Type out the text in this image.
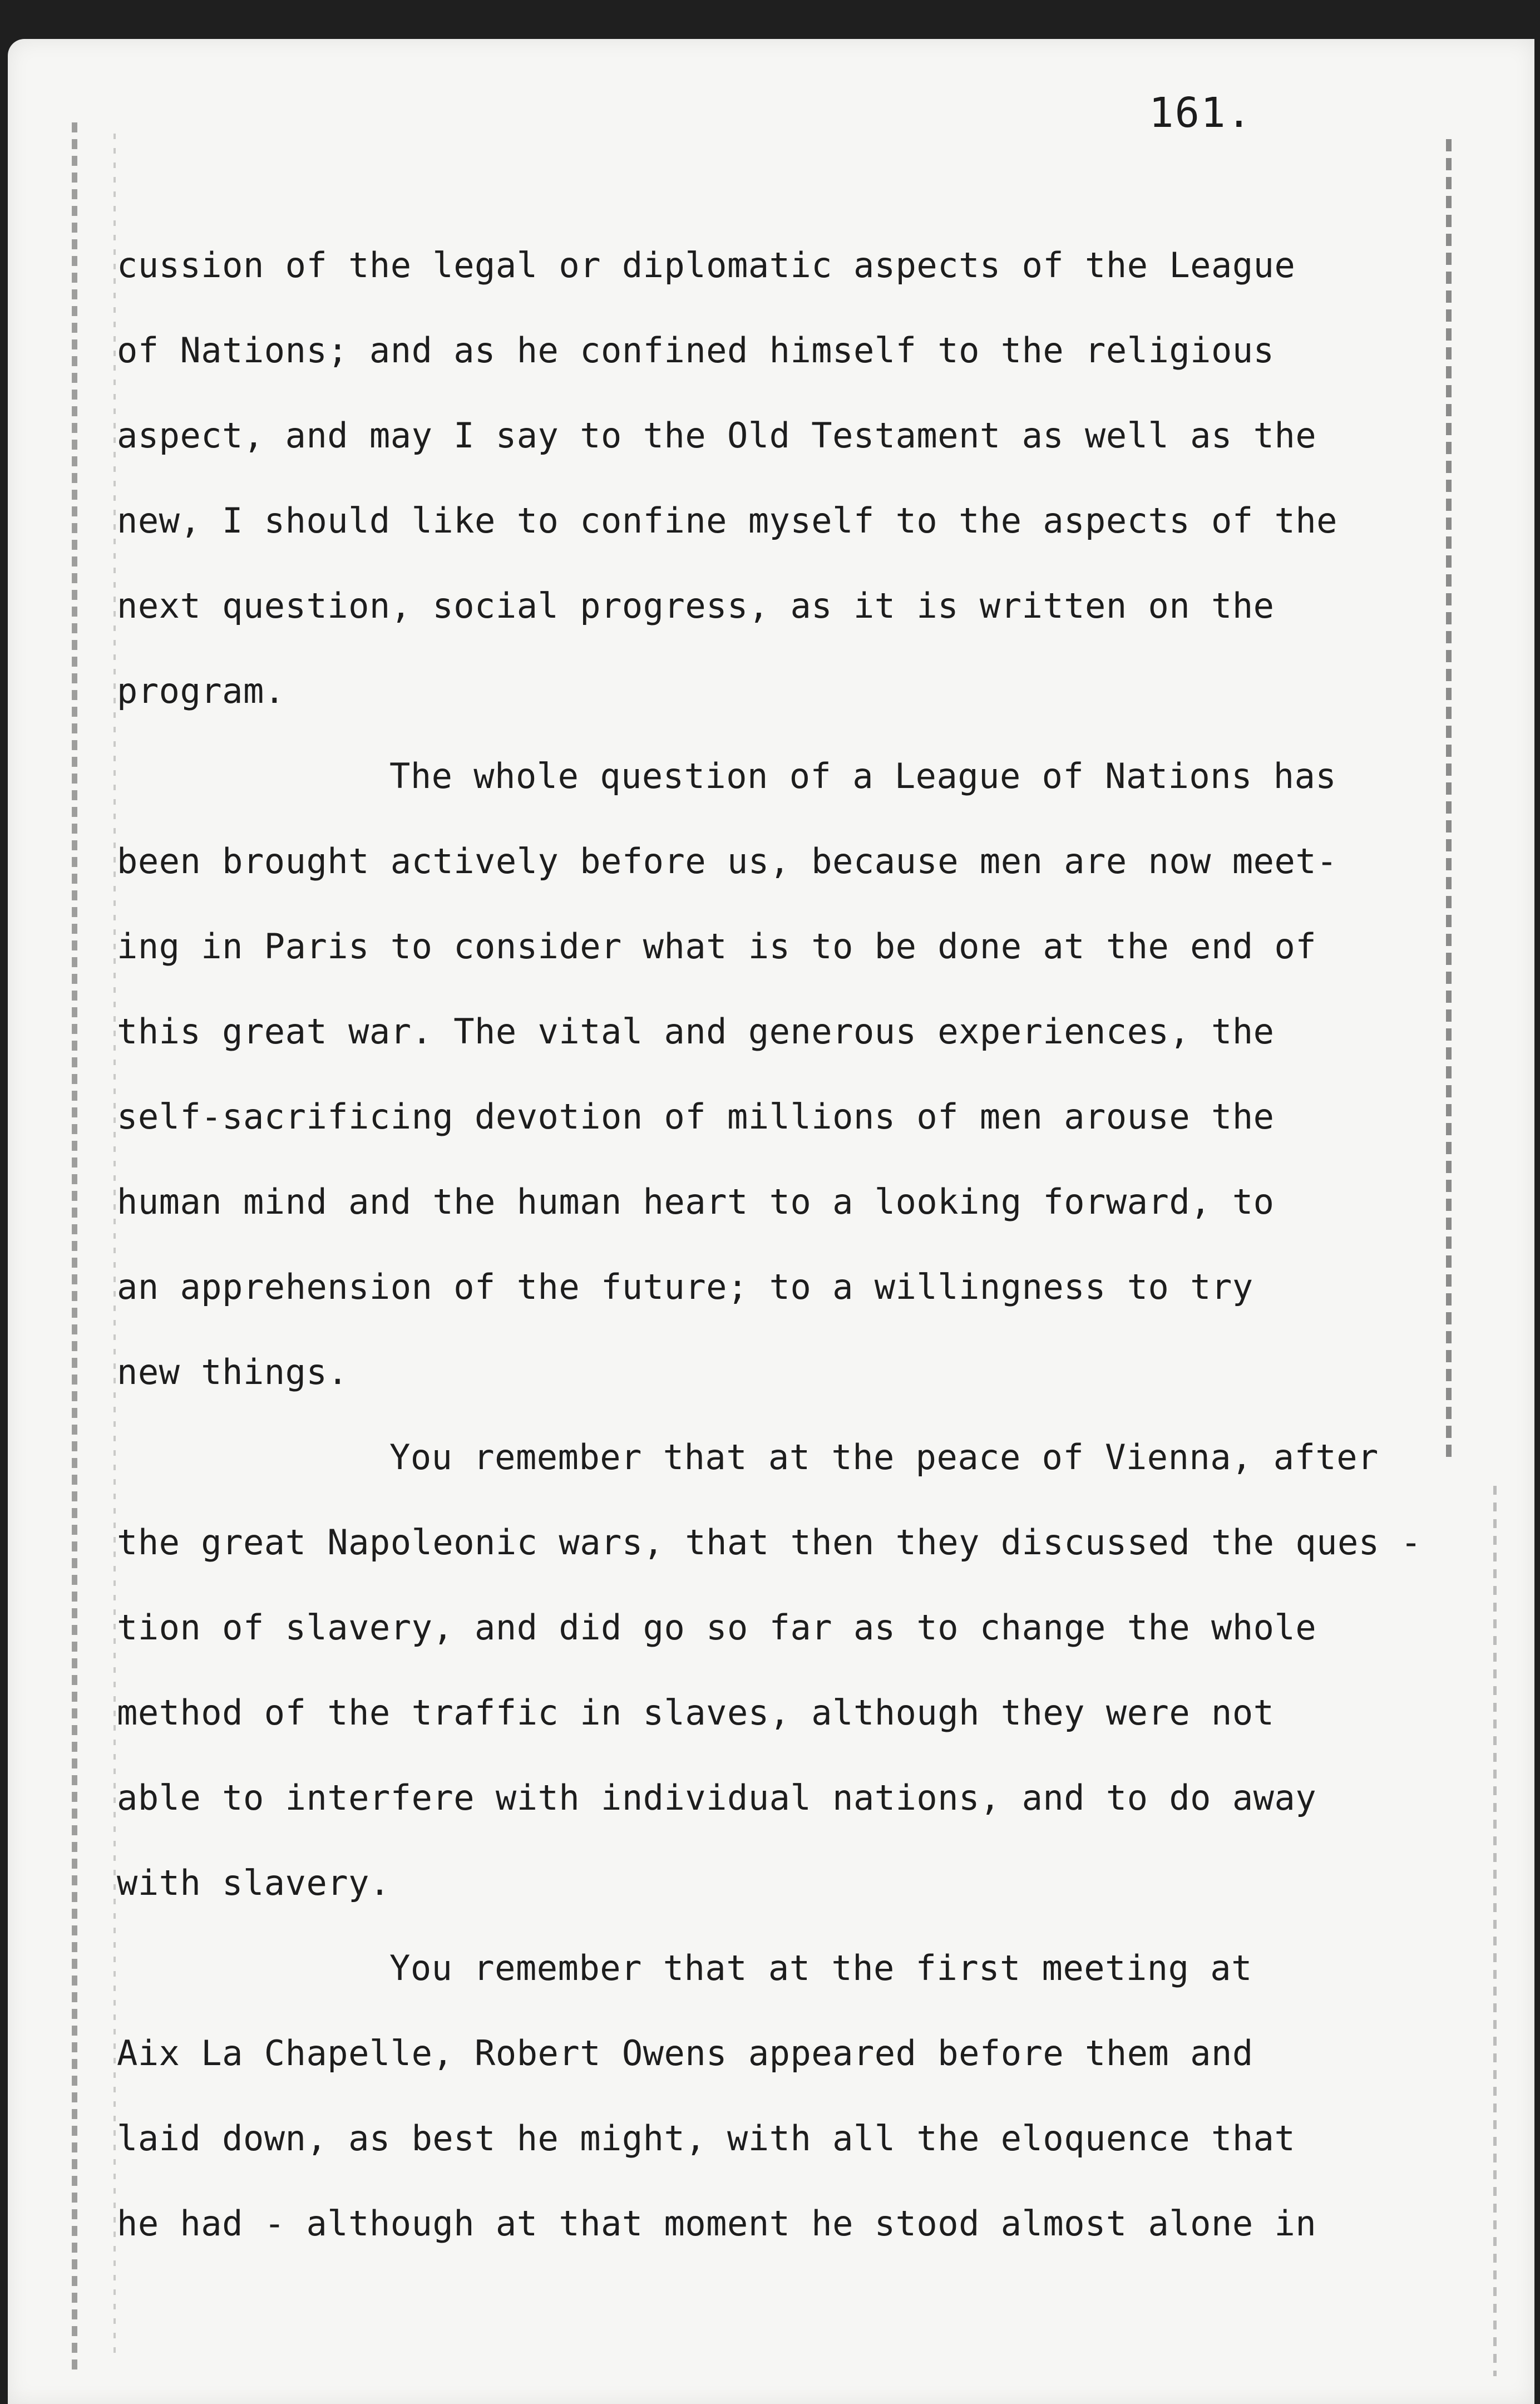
161.
cussion of the legal or diplomatic aspects of the League
of Nations; and as he confined himself to the religious
aspect, and may I say to the Old Testament as well as the
new, I should like to confine myself to the aspects of the
next question, social progress, as it is written on the
program.
The whole question of a League of Nations has
been brought actively before us, because men are now meet-
ing in Paris to consider what is to be done at the end of
this great war. The vital and generous experiences, the
self-sacrificing devotion of millions of men arouse the
human mind and the human heart to a looking forward, to
an apprehension of the future; to a willingness to try
new things.
You remember that at the peace of Vienna, after
the great Napoleonic wars, that then they discussed the ques -
tion of slavery, and did go so far as to change the whole
method of the traffic in slaves, although they were not
able to interfere with individual nations, and to do away
with slavery.
You remember that at the first meeting at
Aix La Chapelle, Robert Owens appeared before them and
laid down, as best he might, with all the eloquence that
he had - although at that moment he stood almost alone in
